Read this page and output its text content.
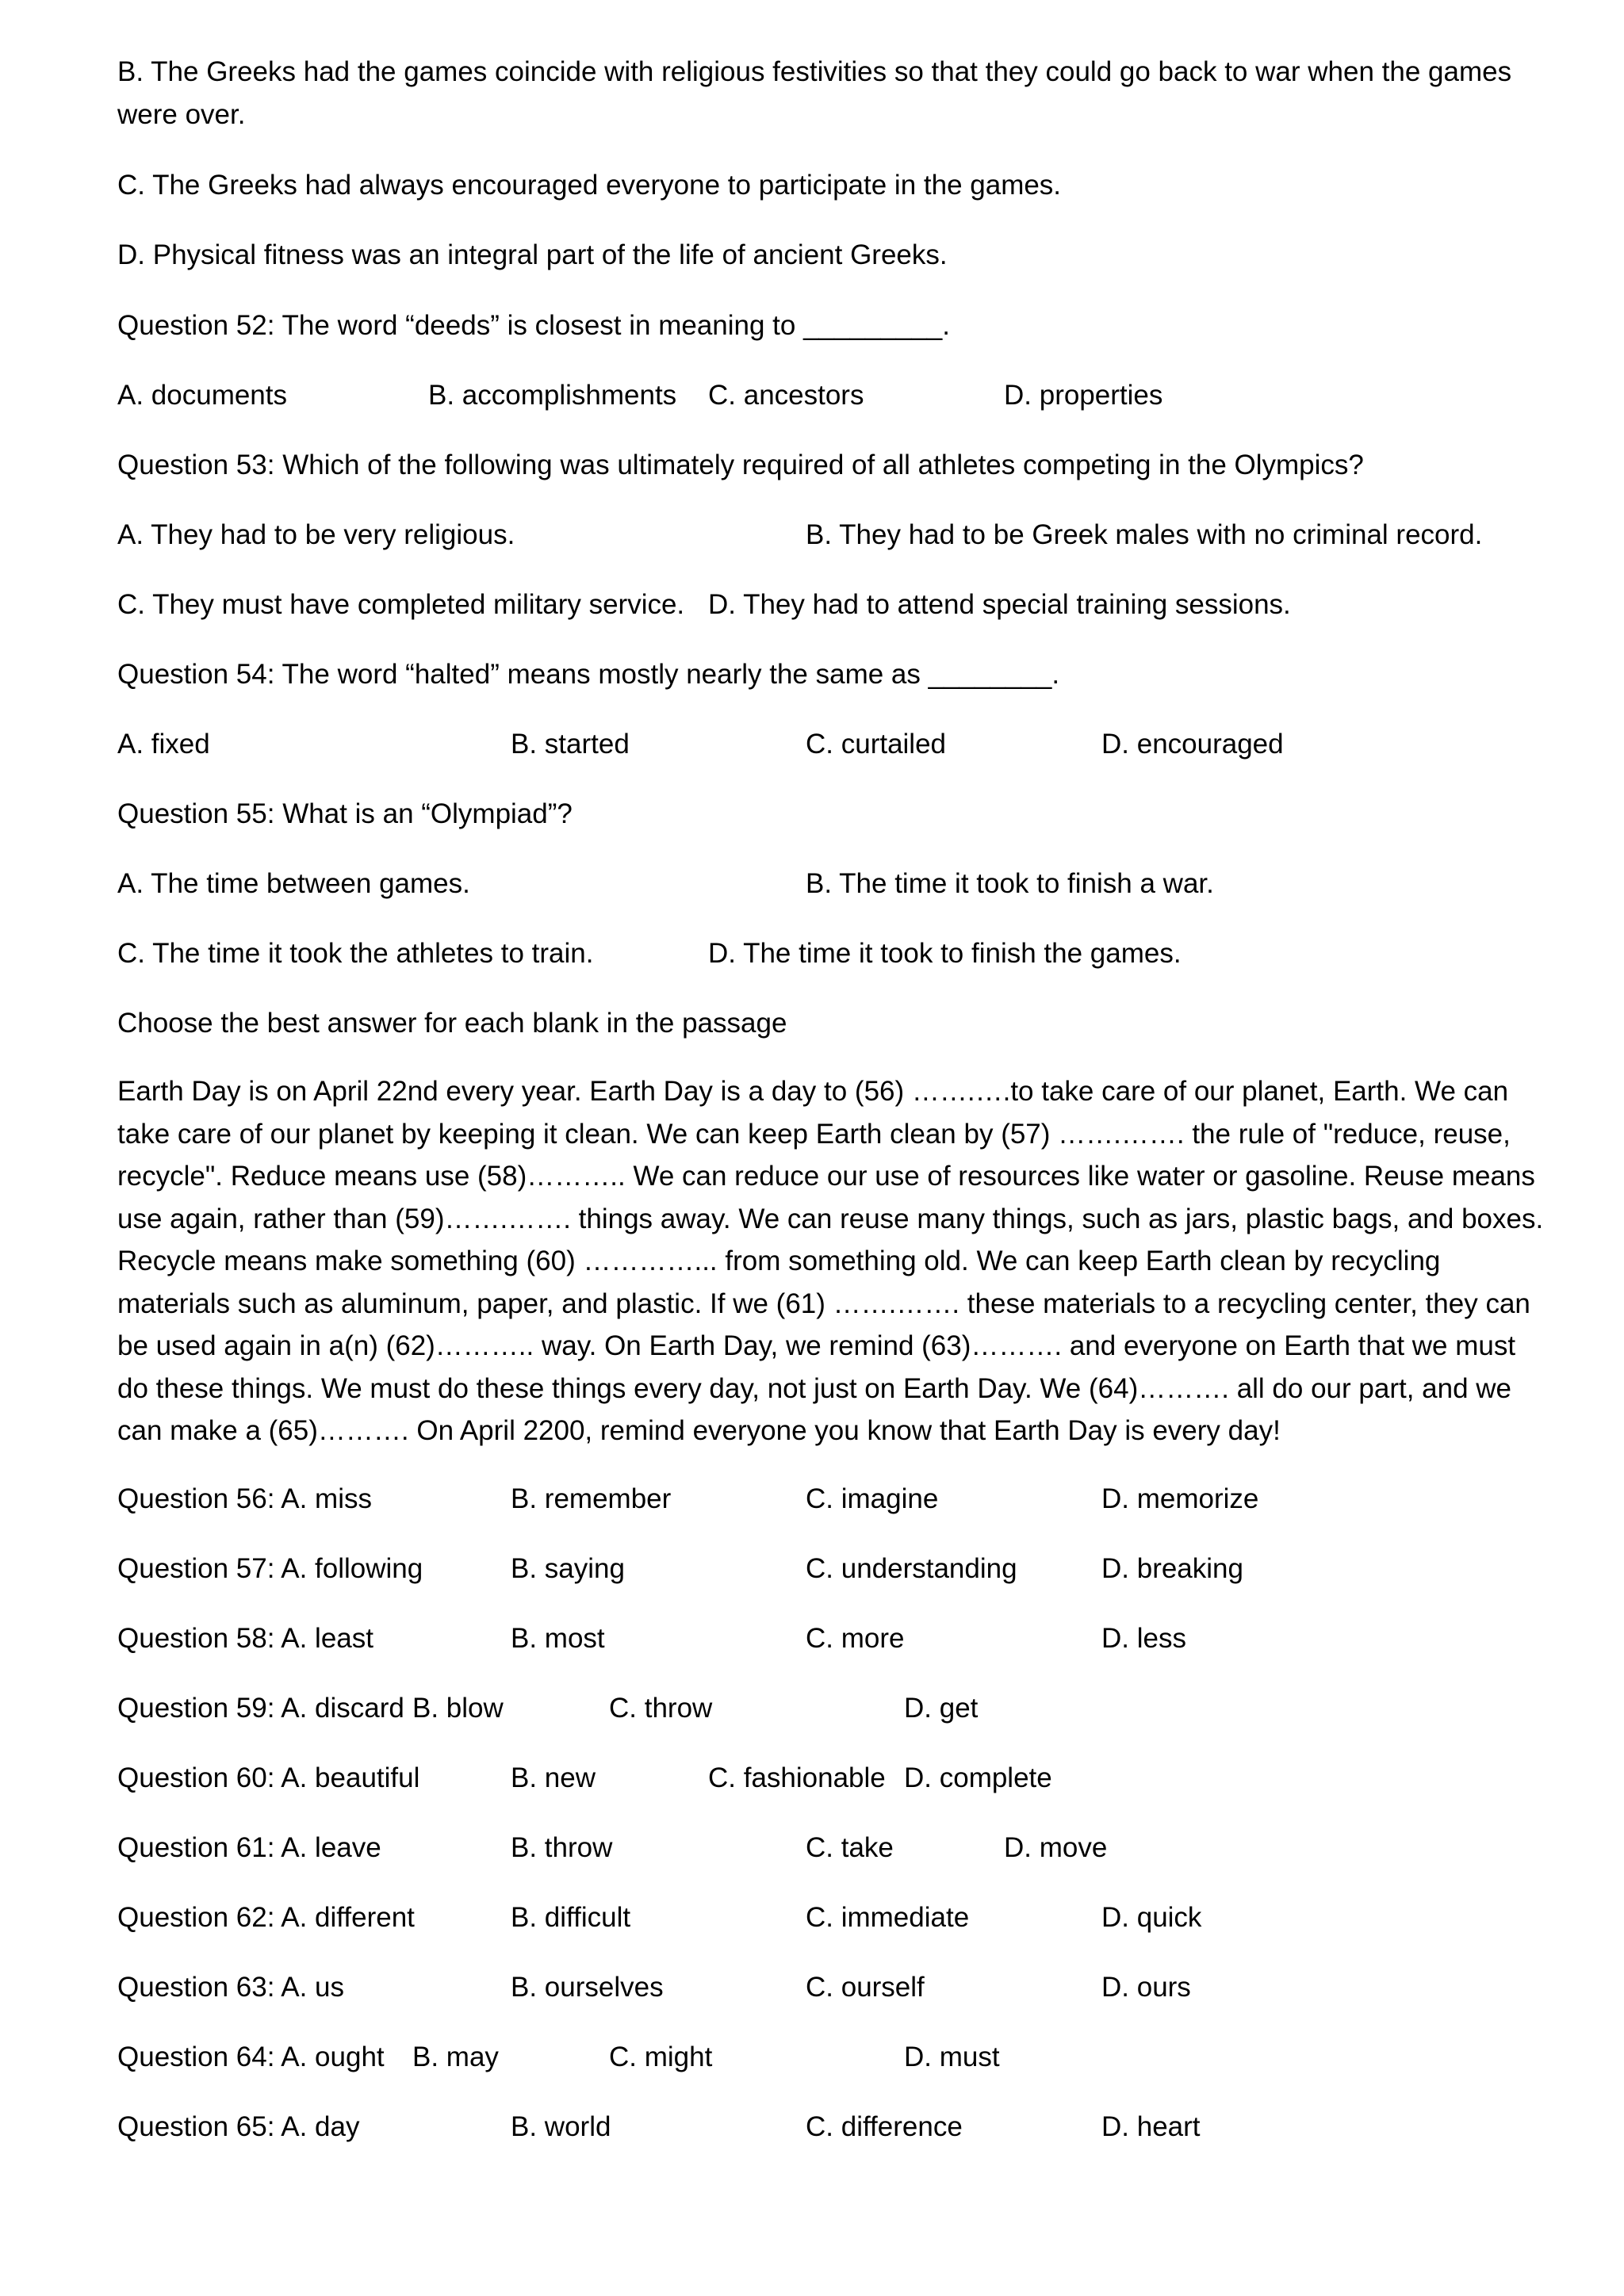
B. The Greeks had the games coincide with religious festivities so that they could go back to war when the games were over.
C. The Greeks had always encouraged everyone to participate in the games.
D. Physical fitness was an integral part of the life of ancient Greeks.
Question 52: The word “deeds” is closest in meaning to _________.
A. documents	B. accomplishments C. ancestors	D. properties
Question 53: Which of the following was ultimately required of all athletes competing in the Olympics?
A. They had to be very religious.	B. They had to be Greek males with no criminal record.
C. They must have completed military service. D. They had to attend special training sessions.
Question 54: The word “halted” means mostly nearly the same as ________.
A. fixed	B. started	C. curtailed	D. encouraged
Question 55: What is an “Olympiad”?
A. The time between games.	B. The time it took to finish a war.
C. The time it took the athletes to train.	D. The time it took to finish the games.
Choose the best answer for each blank in the passage
Earth Day is on April 22nd every year. Earth Day is a day to (56) …….….to take care of our planet, Earth. We can take care of our planet by keeping it clean. We can keep Earth clean by (57) …….……. the rule of "reduce, reuse, recycle". Reduce means use (58)……….. We can reduce our use of resources like water or gasoline. Reuse means use again, rather than (59)…….……. things away. We can reuse many things, such as jars, plastic bags, and boxes. Recycle means make something (60) …………... from something old. We can keep Earth clean by recycling materials such as aluminum, paper, and plastic. If we (61) …….……. these materials to a recycling center, they can be used again in a(n) (62)……….. way. On Earth Day, we remind (63)………. and everyone on Earth that we must do these things. We must do these things every day, not just on Earth Day. We (64)………. all do our part, and we can make a (65)………. On April 2200, remind everyone you know that Earth Day is every day!
Question 56: A. miss	B. remember	C. imagine	D. memorize
Question 57: A. following	B. saying	C. understanding	D. breaking
Question 58: A. least	B. most	C. more	D. less
Question 59: A. discard B. blow	C. throw	D. get
Question 60: A. beautiful	B. new	C. fashionable D. complete
Question 61: A. leave	B. throw	C. take	D. move
Question 62: A. different	B. difficult	C. immediate	D. quick
Question 63: A. us	B. ourselves	C. ourself	D. ours
Question 64: A. ought B. may	C. might	D. must
Question 65: A. day	B. world	C. difference	D. heart
